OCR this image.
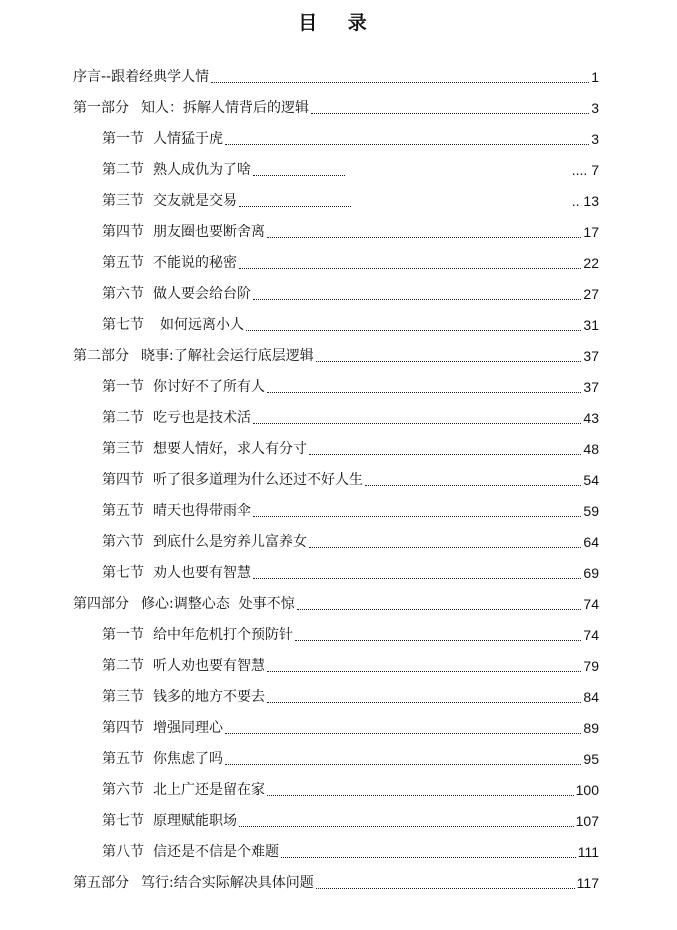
目 录
序言--跟着经典学人情	1
第一部分 知人：拆解人情背后的逻辑	3
第一节 人情猛于虎	3
第二节 熟人成仇为了啥	.... 7
第三节 交友就是交易	.. 13
第四节 朋友圈也要断舍离	17
第五节 不能说的秘密	22
第六节 做人要会给台阶	27
第七节 如何远离小人	31
第二部分 晓事:了解社会运行底层逻辑	37
第一节 你讨好不了所有人	37
第二节 吃亏也是技术活	43
第三节 想要人情好，求人有分寸	48
第四节 听了很多道理为什么还过不好人生	54
第五节 晴天也得带雨伞	59
第六节 到底什么是穷养儿富养女	64
第七节 劝人也要有智慧	69
第四部分 修心:调整心态  处事不惊	74
第一节 给中年危机打个预防针	74
第二节 听人劝也要有智慧	79
第三节 钱多的地方不要去	84
第四节 增强同理心	89
第五节 你焦虑了吗	95
第六节 北上广还是留在家	100
第七节 原理赋能职场	107
第八节 信还是不信是个难题	111
第五部分 笃行:结合实际解决具体问题	117
